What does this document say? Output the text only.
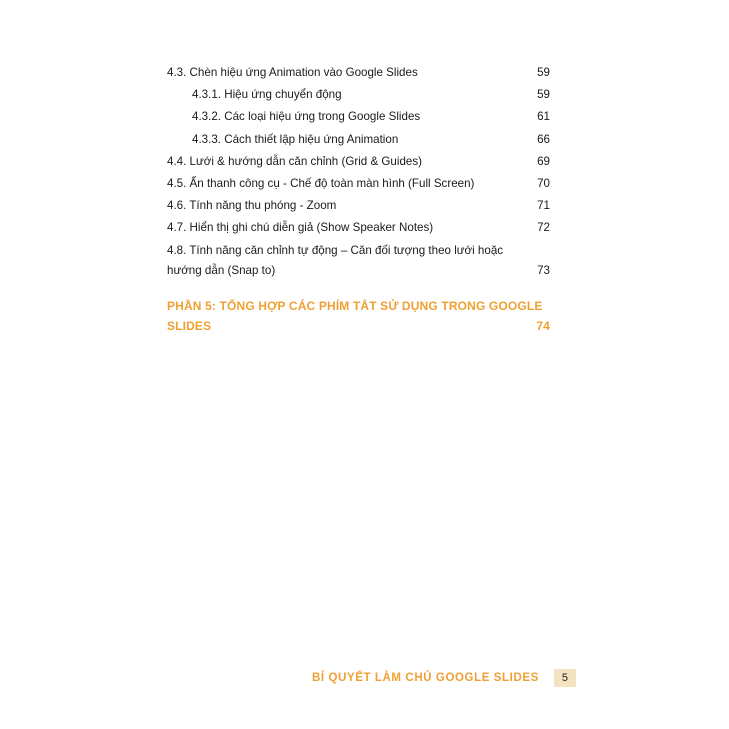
4.3. Chèn hiệu ứng Animation vào Google Slides	59
4.3.1. Hiệu ứng chuyển động	59
4.3.2. Các loại hiệu ứng trong Google Slides	61
4.3.3. Cách thiết lập hiệu ứng Animation	66
4.4. Lưới & hướng dẫn căn chỉnh (Grid & Guides)	69
4.5. Ẩn thanh công cụ - Chế độ toàn màn hình (Full Screen)	70
4.6. Tính năng thu phóng - Zoom	71
4.7. Hiển thị ghi chú diễn giả (Show Speaker Notes)	72
4.8. Tính năng căn chỉnh tự động – Căn đối tượng theo lưới hoặc
hướng dẫn (Snap to)	73
PHẦN 5: TỔNG HỢP CÁC PHÍM TẮT SỬ DỤNG TRONG GOOGLE
SLIDES	74
BÍ QUYẾT LÀM CHỦ GOOGLE SLIDES	5
